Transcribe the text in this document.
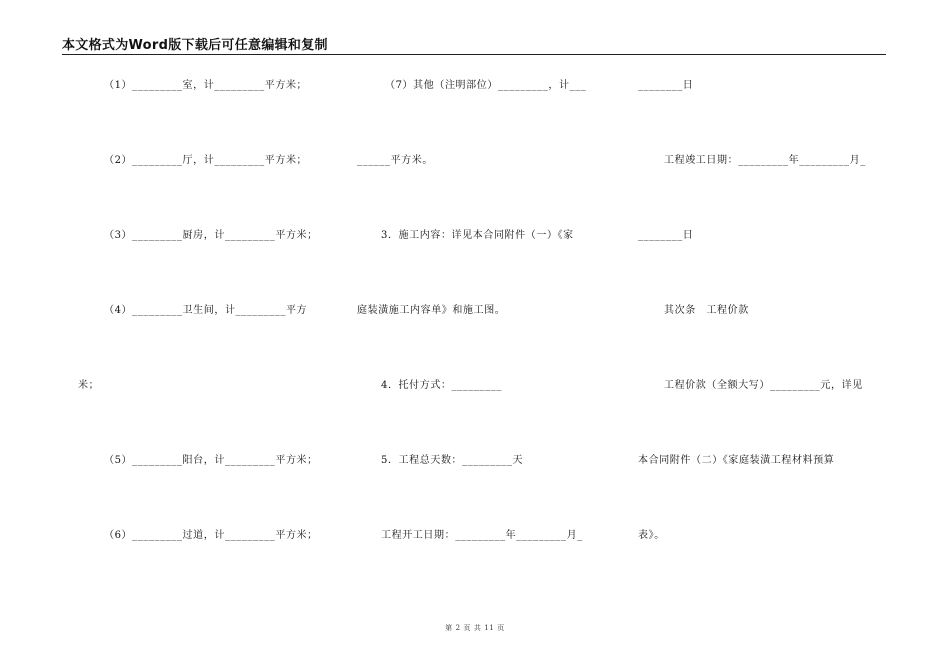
本文格式为Word版下载后可任意编辑和复制
（1）_________室，计_________平方米；
（2）_________厅，计_________平方米；
（3）_________厨房，计_________平方米；
（4）_________卫生间，计_________平方
米；
（5）_________阳台，计_________平方米；
（6）_________过道，计_________平方米；
（7）其他（注明部位）_________，计___
______平方米。
3．施工内容：详见本合同附件（一）《家
庭装潢施工内容单》和施工图。
4．托付方式：_________
5．工程总天数：_________天
工程开工日期：_________年_________月_
________日
工程竣工日期：_________年_________月_
________日
其次条　工程价款
工程价款（全额大写）_________元，详见
本合同附件（二）《家庭装潢工程材料预算
表》。
第 2 页 共 11 页
